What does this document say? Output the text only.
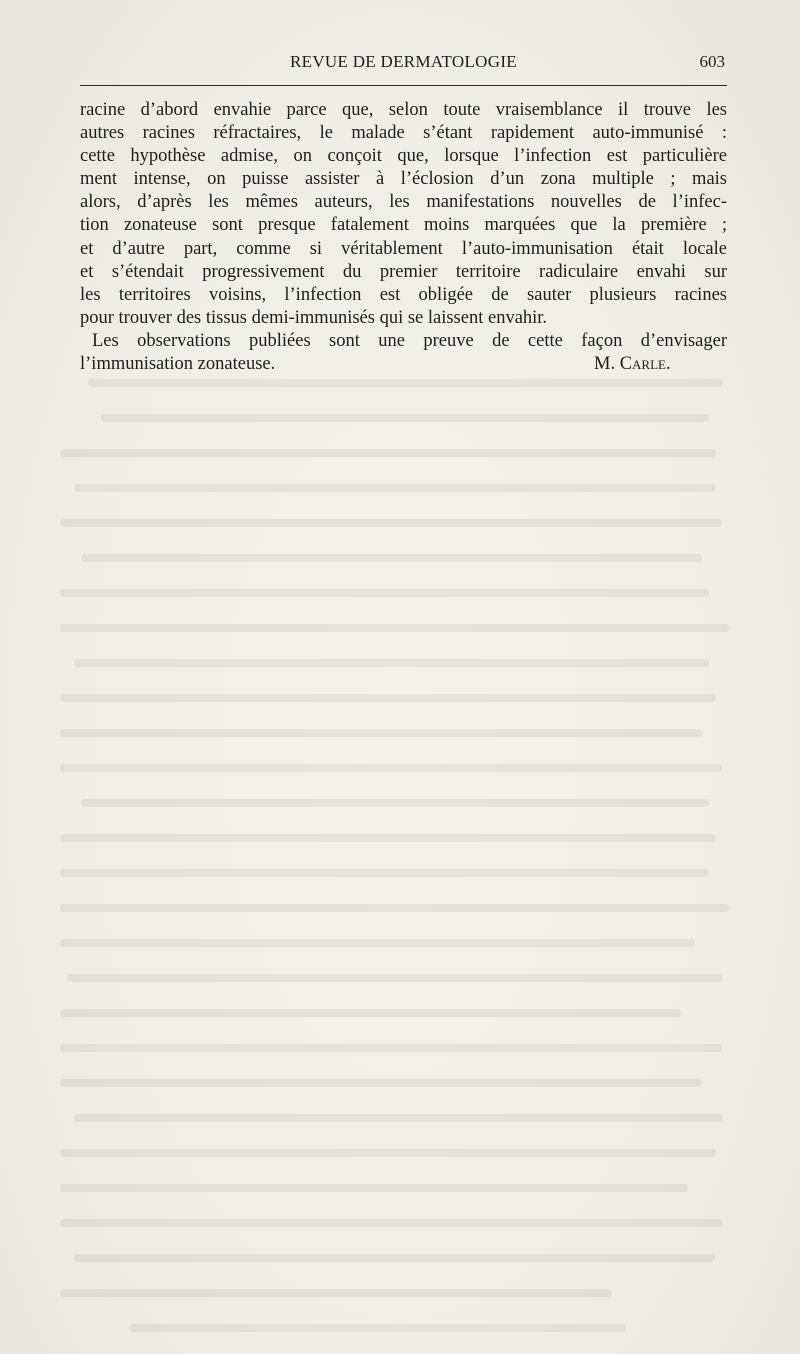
REVUE DE DERMATOLOGIE	603
racine d’abord envahie parce que, selon toute vraisemblance il trouve les
autres racines réfractaires, le malade s’étant rapidement auto-immunisé :
cette hypothèse admise, on conçoit que, lorsque l’infection est particulière
ment intense, on puisse assister à l’éclosion d’un zona multiple ; mais
alors, d’après les mêmes auteurs, les manifestations nouvelles de l’infec-
tion zonateuse sont presque fatalement moins marquées que la première ;
et d’autre part, comme si véritablement l’auto-immunisation était locale
et s’étendait progressivement du premier territoire radiculaire envahi sur
les territoires voisins, l’infection est obligée de sauter plusieurs racines
pour trouver des tissus demi-immunisés qui se laissent envahir.
Les observations publiées sont une preuve de cette façon d’envisager
l’immunisation zonateuse.	M. Carle.
